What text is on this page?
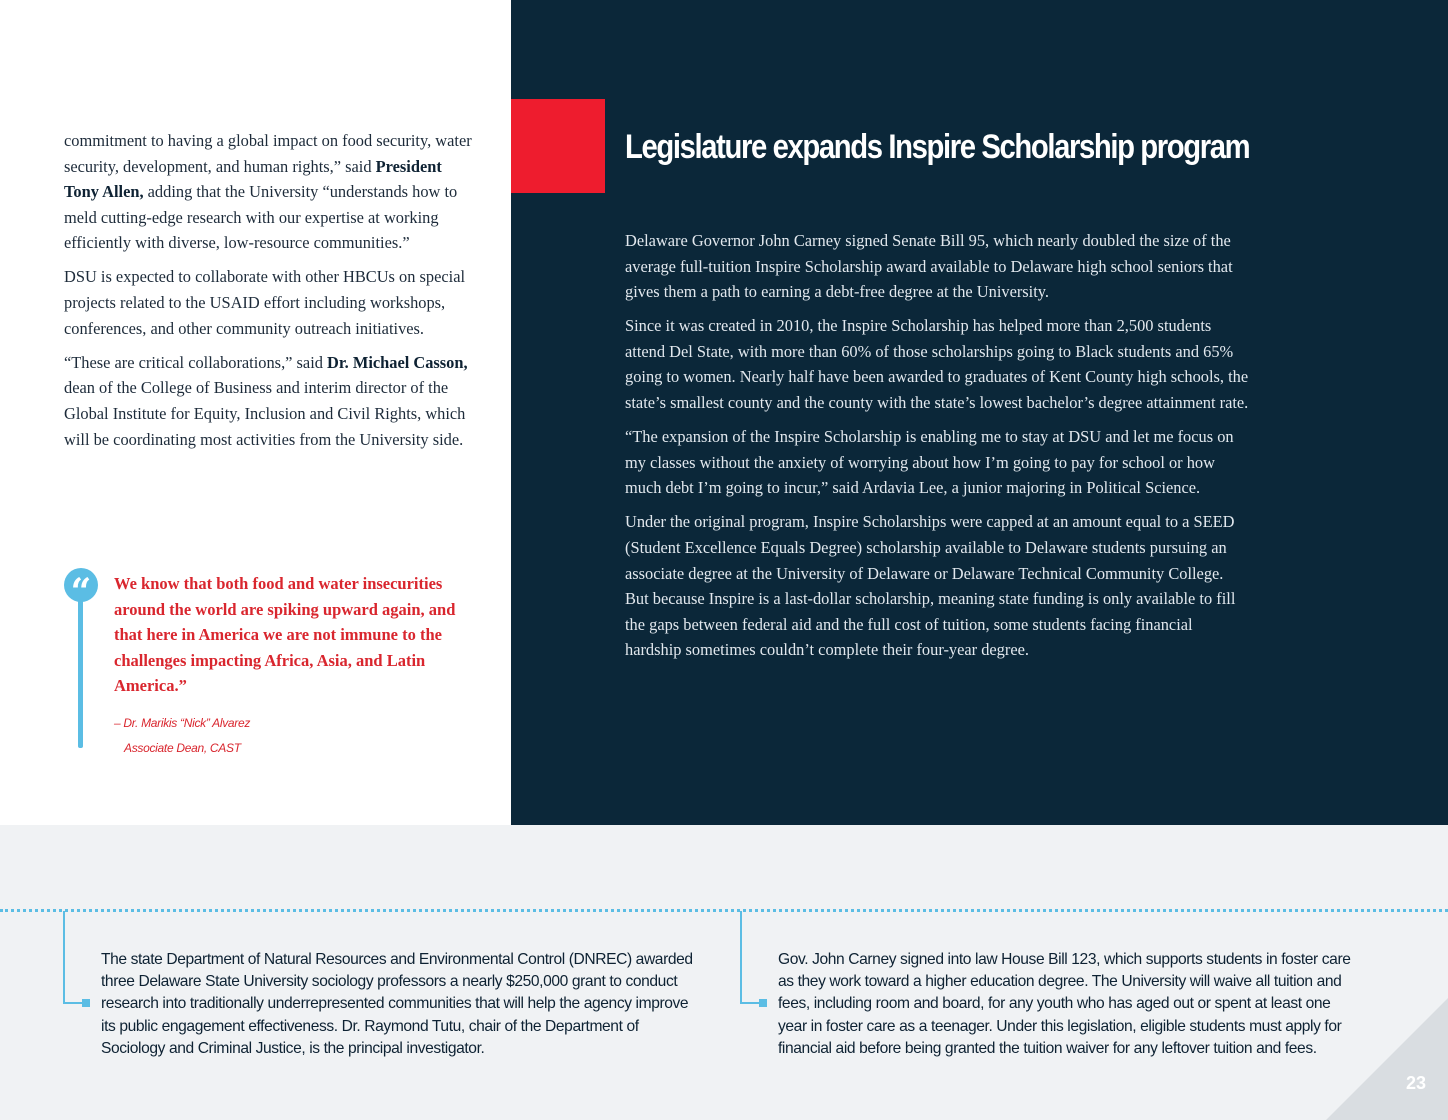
commitment to having a global impact on food security, water security, development, and human rights,” said President Tony Allen, adding that the University “understands how to meld cutting-edge research with our expertise at working efficiently with diverse, low-resource communities.”

DSU is expected to collaborate with other HBCUs on special projects related to the USAID effort including workshops, conferences, and other community outreach initiatives.

“These are critical collaborations,” said Dr. Michael Casson, dean of the College of Business and interim director of the Global Institute for Equity, Inclusion and Civil Rights, which will be coordinating most activities from the University side.

“	We know that both food and water insecurities around the world are spiking upward again, and that here in America we are not immune to the challenges impacting Africa, Asia, and Latin America.”
– Dr. Marikis “Nick” Alvarez
Associate Dean, CAST
Legislature expands Inspire Scholarship program

Delaware Governor John Carney signed Senate Bill 95, which nearly doubled the size of the average full-tuition Inspire Scholarship award available to Delaware high school seniors that gives them a path to earning a debt-free degree at the University.

Since it was created in 2010, the Inspire Scholarship has helped more than 2,500 students attend Del State, with more than 60% of those scholarships going to Black students and 65% going to women. Nearly half have been awarded to graduates of Kent County high schools, the state’s smallest county and the county with the state’s lowest bachelor’s degree attainment rate.

“The expansion of the Inspire Scholarship is enabling me to stay at DSU and let me focus on my classes without the anxiety of worrying about how I’m going to pay for school or how much debt I’m going to incur,” said Ardavia Lee, a junior majoring in Political Science.

Under the original program, Inspire Scholarships were capped at an amount equal to a SEED (Student Excellence Equals Degree) scholarship available to Delaware students pursuing an associate degree at the University of Delaware or Delaware Technical Community College. But because Inspire is a last-dollar scholarship, meaning state funding is only available to fill the gaps between federal aid and the full cost of tuition, some students facing financial hardship sometimes couldn’t complete their four-year degree.

The state Department of Natural Resources and Environmental Control (DNREC) awarded three Delaware State University sociology professors a nearly $250,000 grant to conduct research into traditionally underrepresented communities that will help the agency improve its public engagement effectiveness. Dr. Raymond Tutu, chair of the Department of Sociology and Criminal Justice, is the principal investigator.
Gov. John Carney signed into law House Bill 123, which supports students in foster care as they work toward a higher education degree. The University will waive all tuition and fees, including room and board, for any youth who has aged out or spent at least one year in foster care as a teenager. Under this legislation, eligible students must apply for financial aid before being granted the tuition waiver for any leftover tuition and fees.
23
